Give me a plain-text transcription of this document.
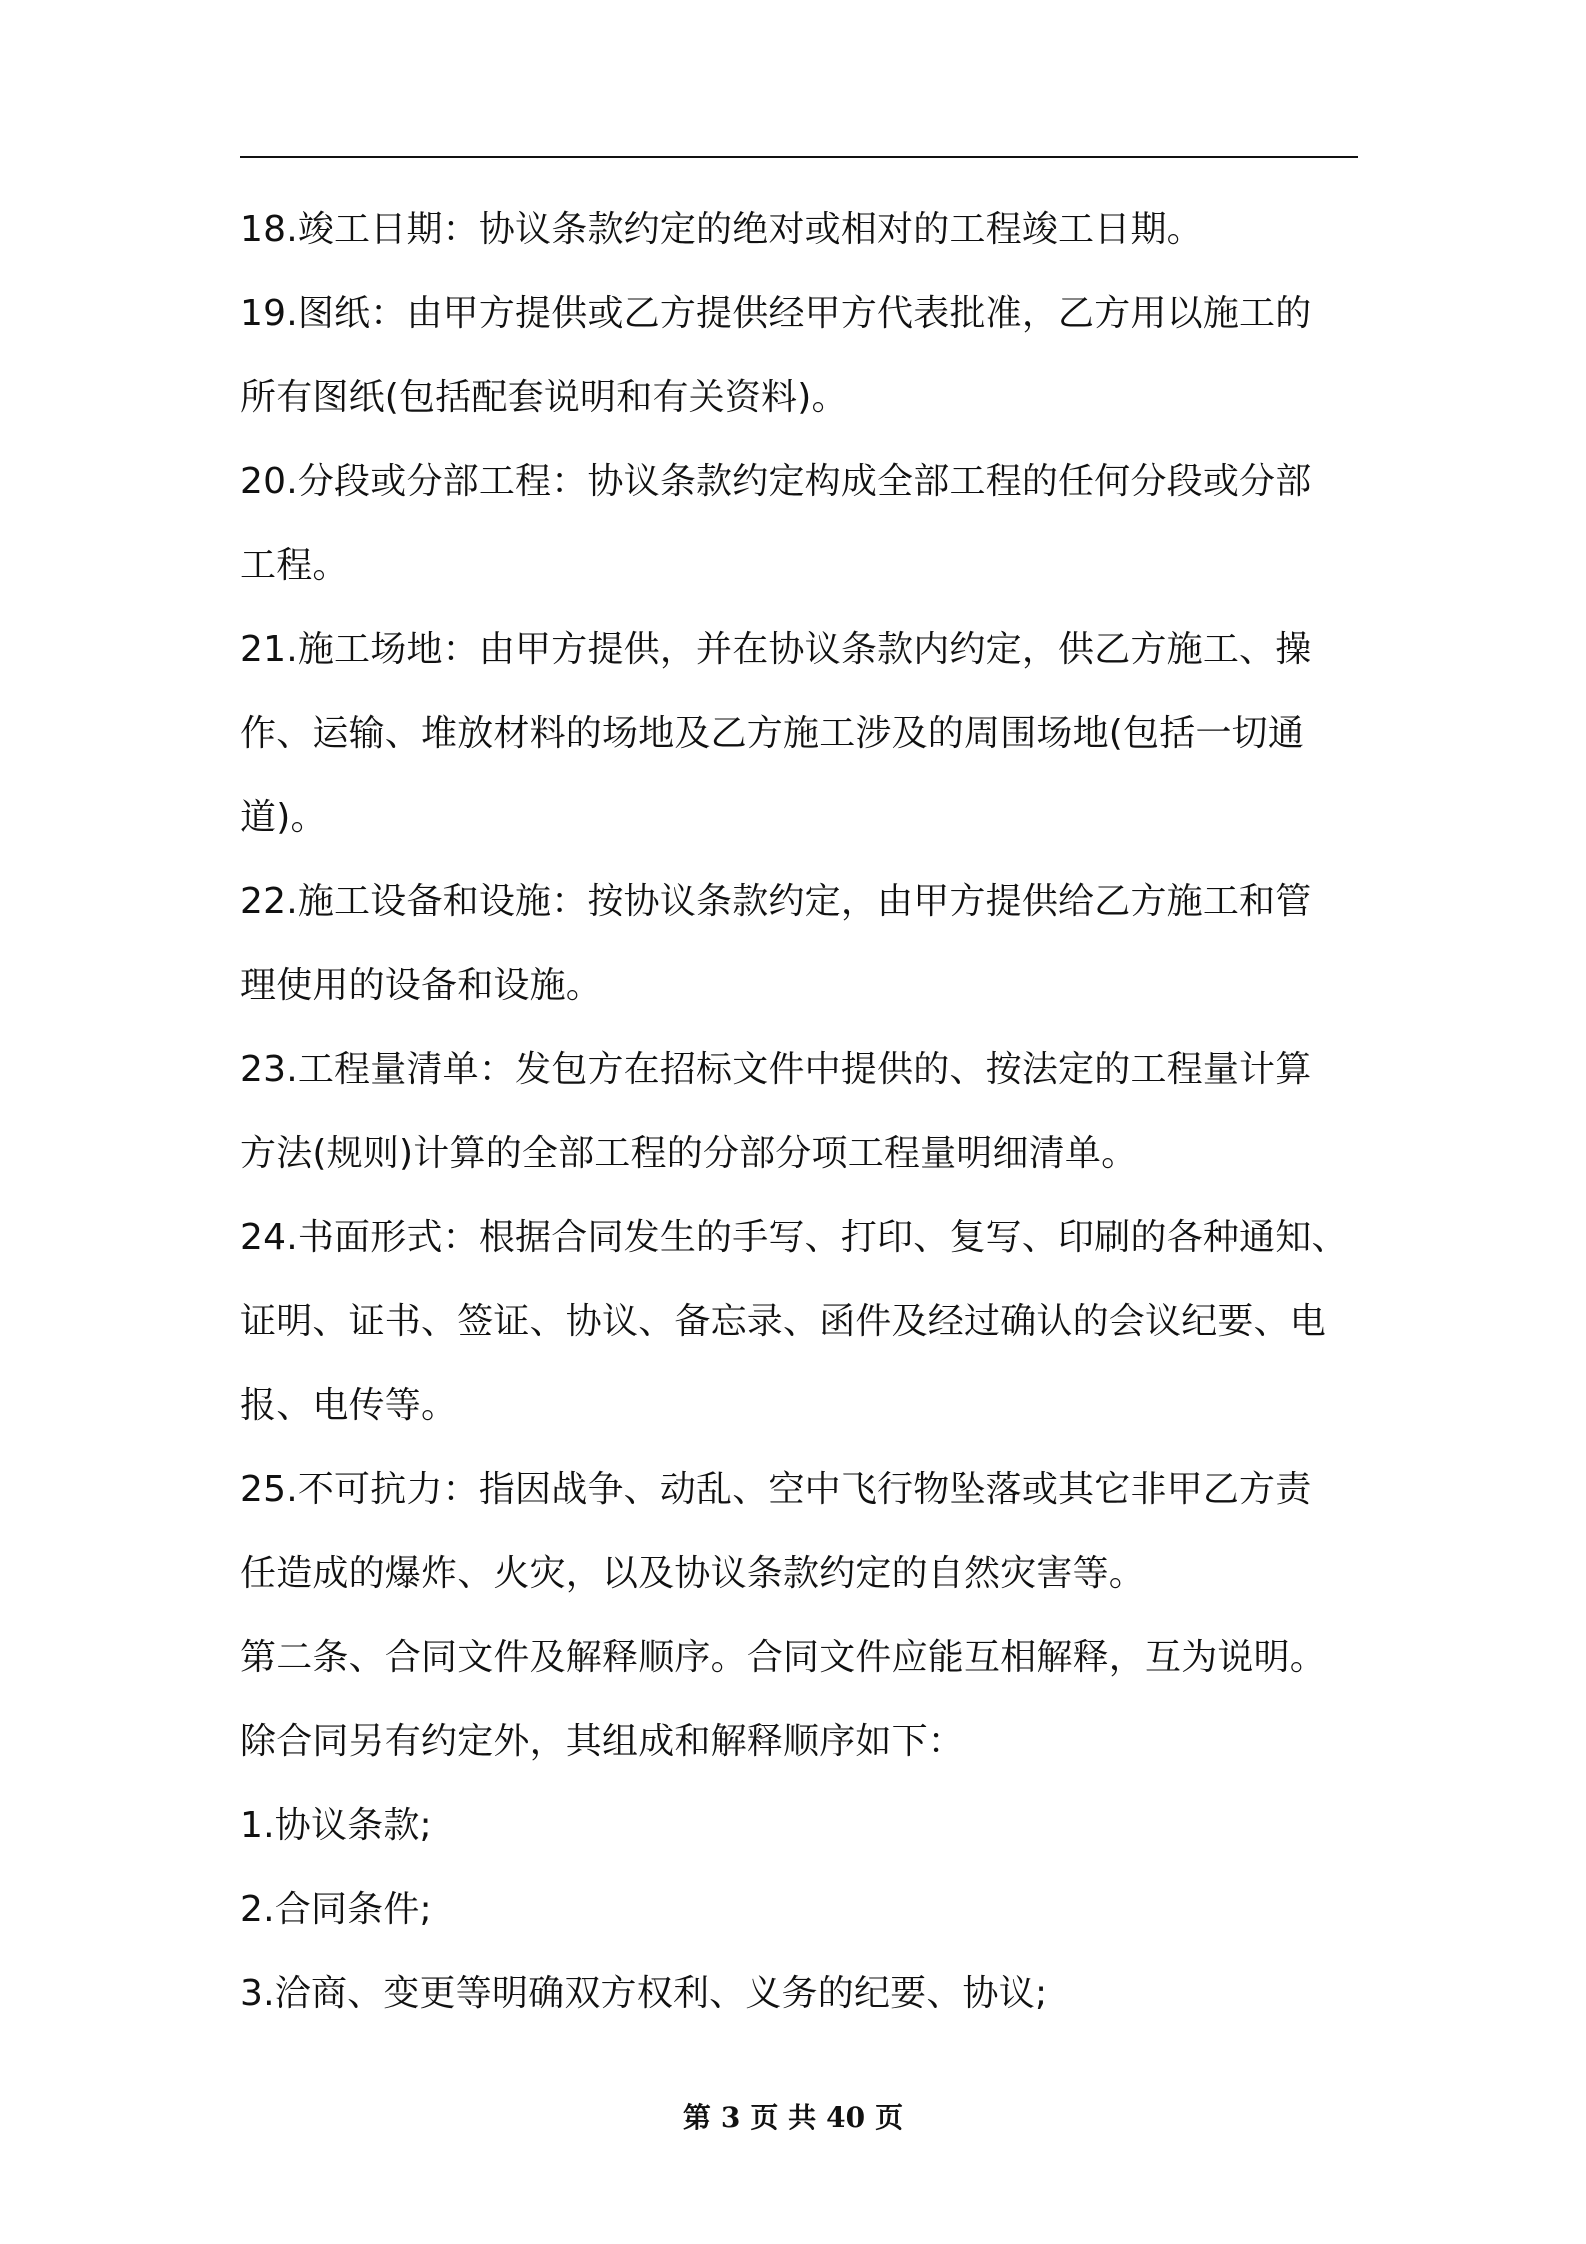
18.竣工日期：协议条款约定的绝对或相对的工程竣工日期。
19.图纸：由甲方提供或乙方提供经甲方代表批准，乙方用以施工的
所有图纸(包括配套说明和有关资料)。
20.分段或分部工程：协议条款约定构成全部工程的任何分段或分部
工程。
21.施工场地：由甲方提供，并在协议条款内约定，供乙方施工、操
作、运输、堆放材料的场地及乙方施工涉及的周围场地(包括一切通
道)。
22.施工设备和设施：按协议条款约定，由甲方提供给乙方施工和管
理使用的设备和设施。
23.工程量清单：发包方在招标文件中提供的、按法定的工程量计算
方法(规则)计算的全部工程的分部分项工程量明细清单。
24.书面形式：根据合同发生的手写、打印、复写、印刷的各种通知、
证明、证书、签证、协议、备忘录、函件及经过确认的会议纪要、电
报、电传等。
25.不可抗力：指因战争、动乱、空中飞行物坠落或其它非甲乙方责
任造成的爆炸、火灾，以及协议条款约定的自然灾害等。
第二条、合同文件及解释顺序。合同文件应能互相解释，互为说明。
除合同另有约定外，其组成和解释顺序如下：
1.协议条款;
2.合同条件;
3.洽商、变更等明确双方权利、义务的纪要、协议;
第 3 页 共 40 页
